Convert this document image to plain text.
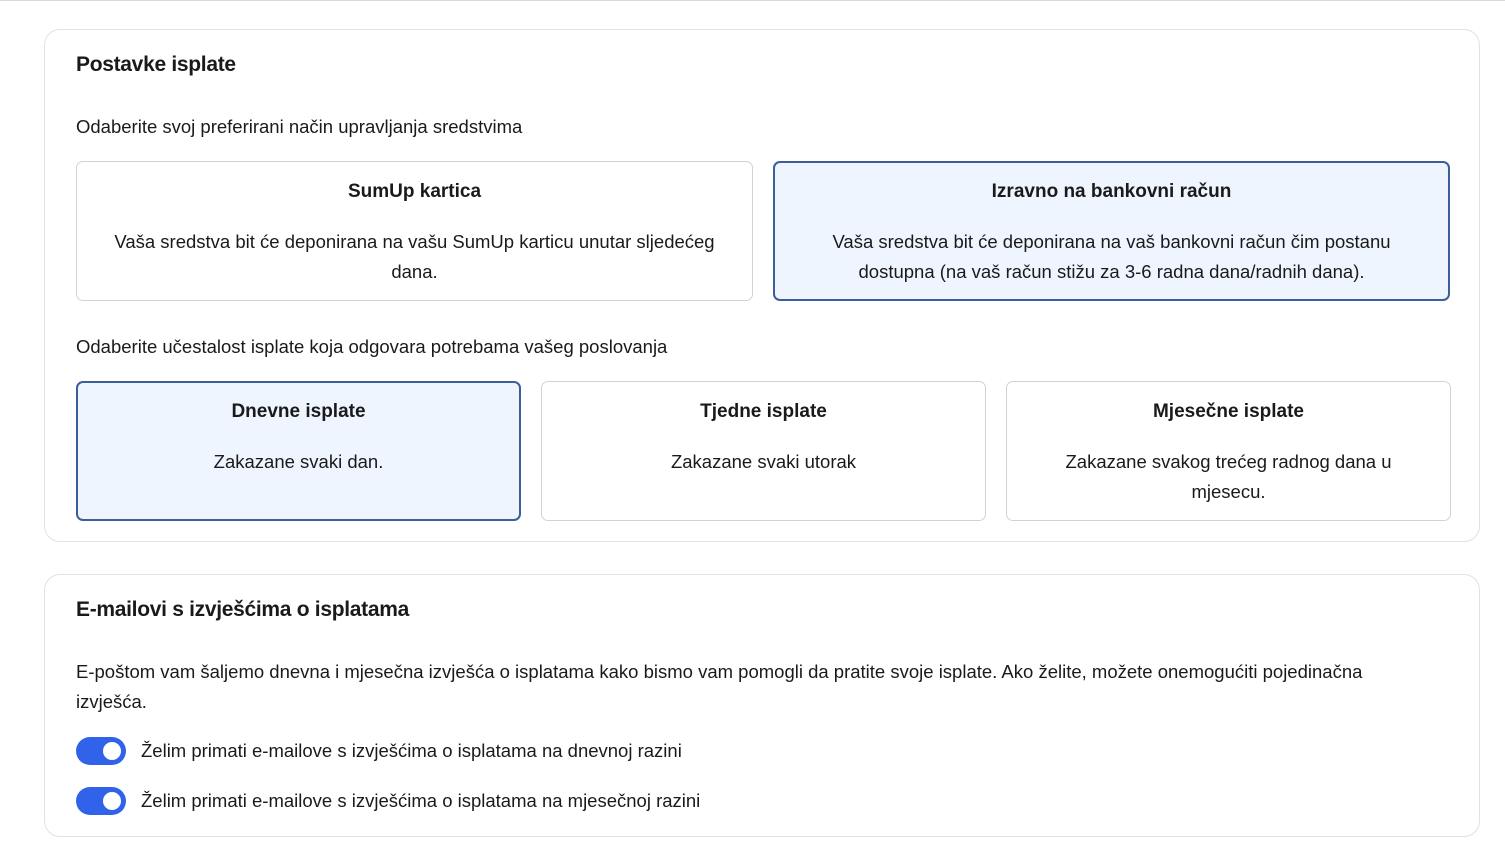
Postavke isplate
Odaberite svoj preferirani način upravljanja sredstvima
SumUp kartica
Vaša sredstva bit će deponirana na vašu SumUp karticu unutar sljedećeg dana.
Izravno na bankovni račun
Vaša sredstva bit će deponirana na vaš bankovni račun čim postanu dostupna (na vaš račun stižu za 3-6 radna dana/radnih dana).
Odaberite učestalost isplate koja odgovara potrebama vašeg poslovanja
Dnevne isplate
Zakazane svaki dan.
Tjedne isplate
Zakazane svaki utorak
Mjesečne isplate
Zakazane svakog trećeg radnog dana u mjesecu.
E-mailovi s izvješćima o isplatama
E-poštom vam šaljemo dnevna i mjesečna izvješća o isplatama kako bismo vam pomogli da pratite svoje isplate. Ako želite, možete onemogućiti pojedinačna izvješća.
Želim primati e-mailove s izvješćima o isplatama na dnevnoj razini
Želim primati e-mailove s izvješćima o isplatama na mjesečnoj razini
